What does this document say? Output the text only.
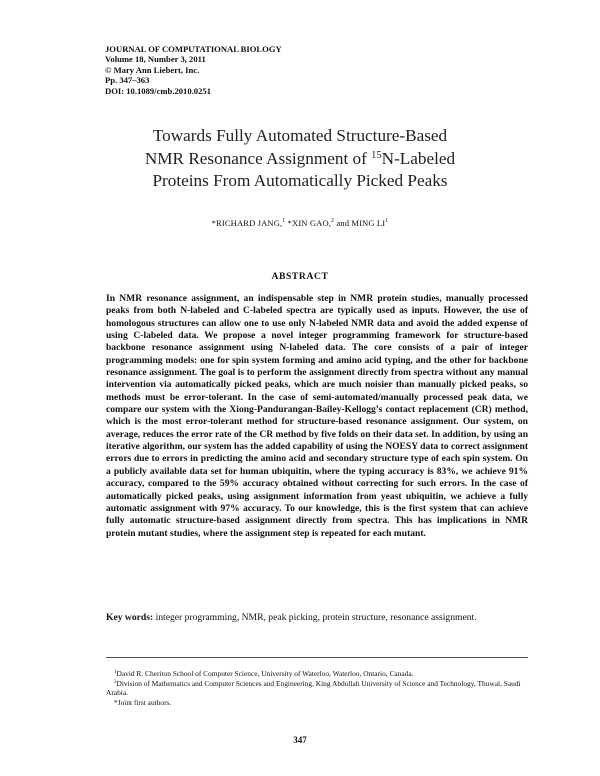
JOURNAL OF COMPUTATIONAL BIOLOGY
Volume 18, Number 3, 2011
© Mary Ann Liebert, Inc.
Pp. 347–363
DOI: 10.1089/cmb.2010.0251
Towards Fully Automated Structure-Based
NMR Resonance Assignment of $^{15}$N-Labeled
Proteins From Automatically Picked Peaks
*RICHARD JANG,$^1$ *XIN GAO,$^2$ and MING $LI^1$
ABSTRACT
In NMR resonance assignment, an indispensable step in NMR protein studies, manually processed peaks from both N-labeled and C-labeled spectra are typically used as inputs. However, the use of homologous structures can allow one to use only N-labeled NMR data and avoid the added expense of using C-labeled data. We propose a novel integer programming framework for structure-based backbone resonance assignment using N-labeled data. The core consists of a pair of integer programming models: one for spin system forming and amino acid typing, and the other for backbone resonance assignment. The goal is to perform the assignment directly from spectra without any manual intervention via automatically picked peaks, which are much noisier than manually picked peaks, so methods must be error-tolerant. In the case of semi-automated/manually processed peak data, we compare our system with the Xiong-Pandurangan-Bailey-Kellogg’s contact replacement (CR) method, which is the most error-tolerant method for structure-based resonance assignment. Our system, on average, reduces the error rate of the CR method by five folds on their data set. In addition, by using an iterative algorithm, our system has the added capability of using the NOESY data to correct assignment errors due to errors in predicting the amino acid and secondary structure type of each spin system. On a publicly available data set for human ubiquitin, where the typing accuracy is 83%, we achieve 91% accuracy, compared to the 59% accuracy obtained without correcting for such errors. In the case of automatically picked peaks, using assignment information from yeast ubiquitin, we achieve a fully automatic assignment with 97% accuracy. To our knowledge, this is the first system that can achieve fully automatic structure-based assignment directly from spectra. This has implications in NMR protein mutant studies, where the assignment step is repeated for each mutant.
Key words: integer programming, NMR, peak picking, protein structure, resonance assignment.
$^1$David R. Cheriton School of Computer Science, University of Waterloo, Waterloo, Ontario, Canada.
$^2$Division of Mathematics and Computer Sciences and Engineering, King Abdullah University of Science and Technology, Thuwal, Saudi Arabia.
*Joint first authors.
347
